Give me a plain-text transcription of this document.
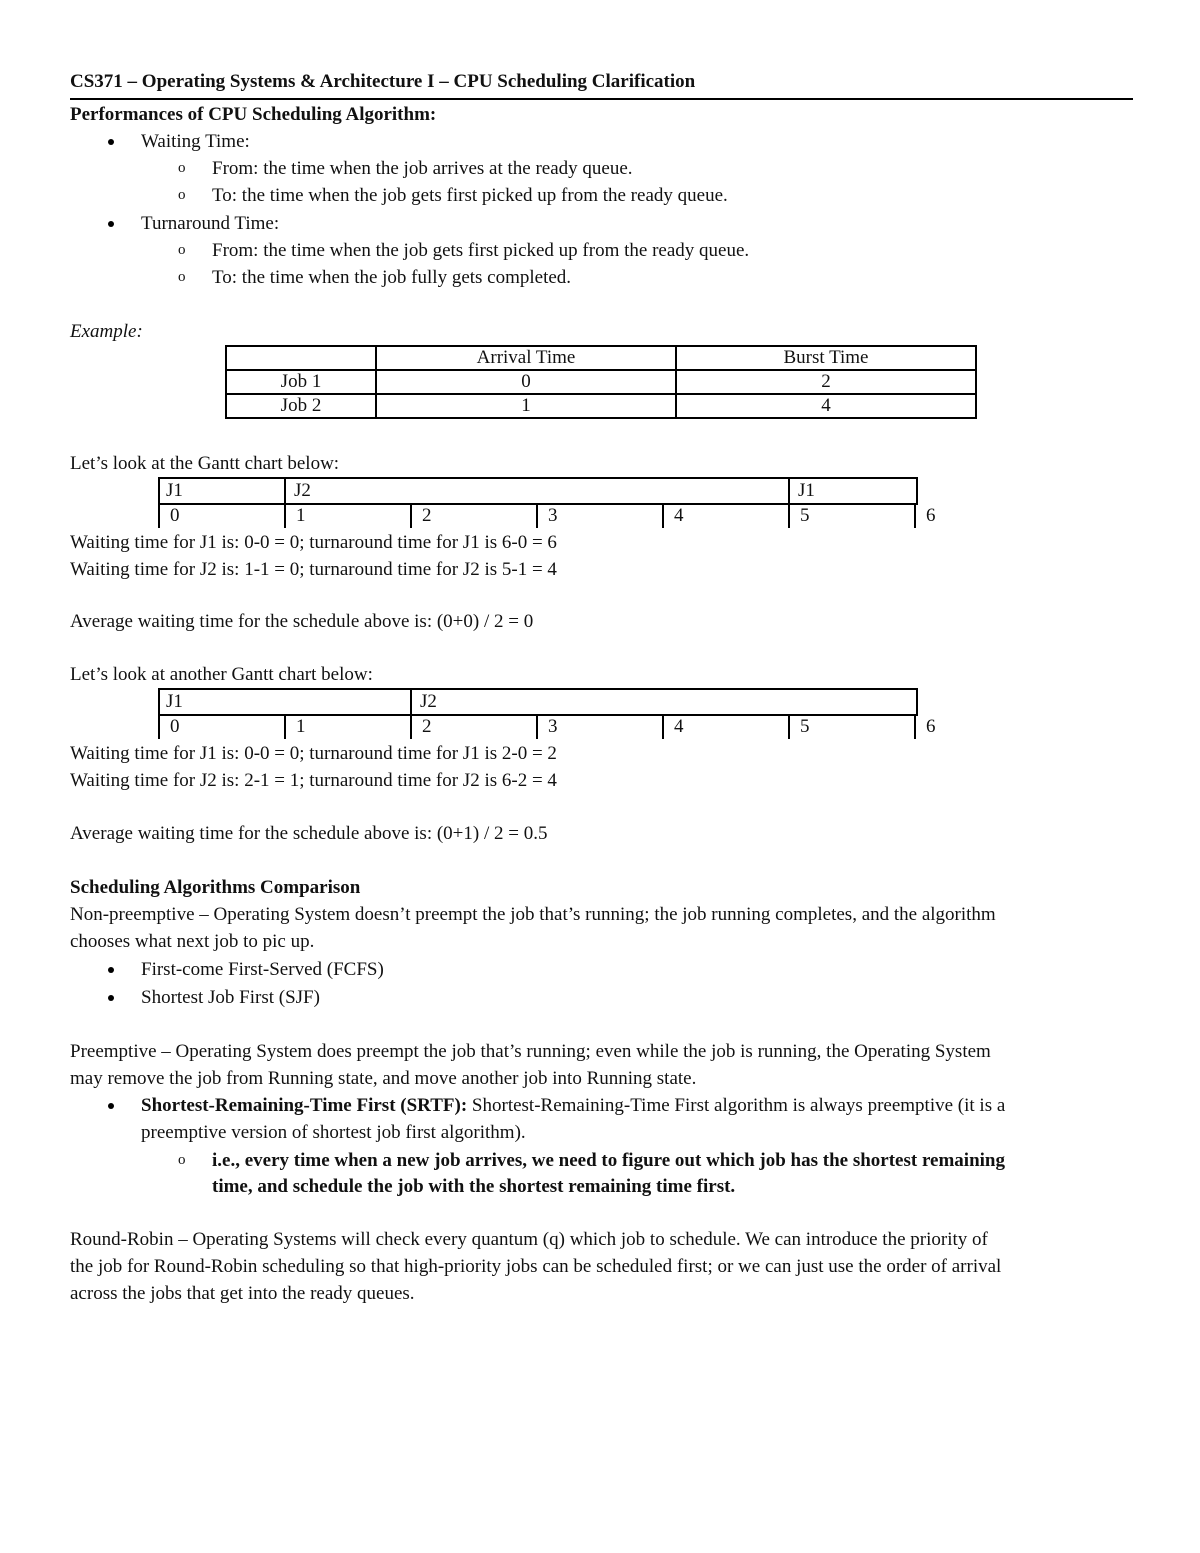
CS371 – Operating Systems & Architecture I – CPU Scheduling Clarification
Performances of CPU Scheduling Algorithm:
Waiting Time:
o From: the time when the job arrives at the ready queue.
o To: the time when the job gets first picked up from the ready queue.
Turnaround Time:
o From: the time when the job gets first picked up from the ready queue.
o To: the time when the job fully gets completed.
Example:
	Arrival Time	Burst Time
Job 1	0	2
Job 2	1	4
Let’s look at the Gantt chart below:
J1	J2	J1
0	1	2	3	4	5	6
Waiting time for J1 is: 0-0 = 0; turnaround time for J1 is 6-0 = 6
Waiting time for J2 is: 1-1 = 0; turnaround time for J2 is 5-1 = 4
Average waiting time for the schedule above is: (0+0) / 2 = 0
Let’s look at another Gantt chart below:
J1	J2
0	1	2	3	4	5	6
Waiting time for J1 is: 0-0 = 0; turnaround time for J1 is 2-0 = 2
Waiting time for J2 is: 2-1 = 1; turnaround time for J2 is 6-2 = 4
Average waiting time for the schedule above is: (0+1) / 2 = 0.5
Scheduling Algorithms Comparison
Non-preemptive – Operating System doesn’t preempt the job that’s running; the job running completes, and the algorithm
chooses what next job to pic up.
First-come First-Served (FCFS)
Shortest Job First (SJF)
Preemptive – Operating System does preempt the job that’s running; even while the job is running, the Operating System
may remove the job from Running state, and move another job into Running state.
Shortest-Remaining-Time First (SRTF): Shortest-Remaining-Time First algorithm is always preemptive (it is a
preemptive version of shortest job first algorithm).
o i.e., every time when a new job arrives, we need to figure out which job has the shortest remaining
time, and schedule the job with the shortest remaining time first.
Round-Robin – Operating Systems will check every quantum (q) which job to schedule. We can introduce the priority of
the job for Round-Robin scheduling so that high-priority jobs can be scheduled first; or we can just use the order of arrival
across the jobs that get into the ready queues.
